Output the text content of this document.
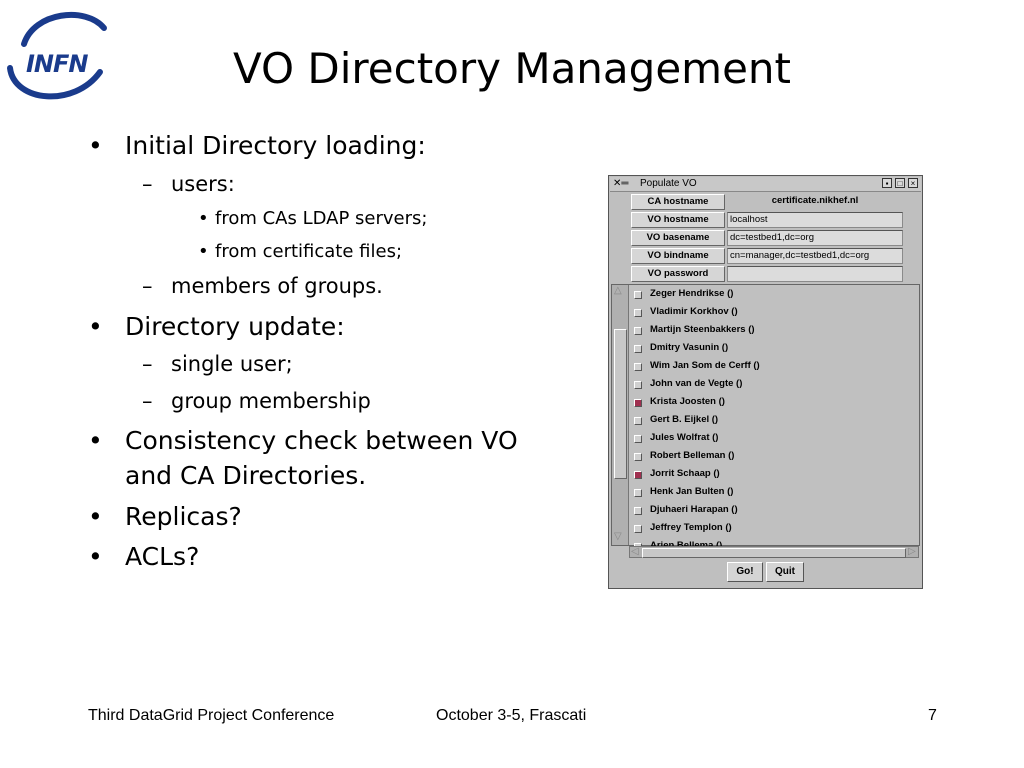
INFN	VO Directory Management
• Initial Directory loading:
– users:
• from CAs LDAP servers;
• from certificate files;
– members of groups.
• Directory update:
– single user;
– group membership
• Consistency check between VO
and CA Directories.
• Replicas?
• ACLs?
✕═ Populate VO	▪	□	×
CA hostname	certificate.nikhef.nl
VO hostname	localhost
VO basename	dc=testbed1,dc=org
VO bindname	cn=manager,dc=testbed1,dc=org
VO password
△
▽
Zeger Hendrikse ()
Vladimir Korkhov ()
Martijn Steenbakkers ()
Dmitry Vasunin ()
Wim Jan Som de Cerff ()
John van de Vegte ()
Krista Joosten ()
Gert B. Eijkel ()
Jules Wolfrat ()
Robert Belleman ()
Jorrit Schaap ()
Henk Jan Bulten ()
Djuhaeri Harapan ()
Jeffrey Templon ()
◁	▷
Go!	Quit
Third DataGrid Project Conference	October 3-5, Frascati	7
